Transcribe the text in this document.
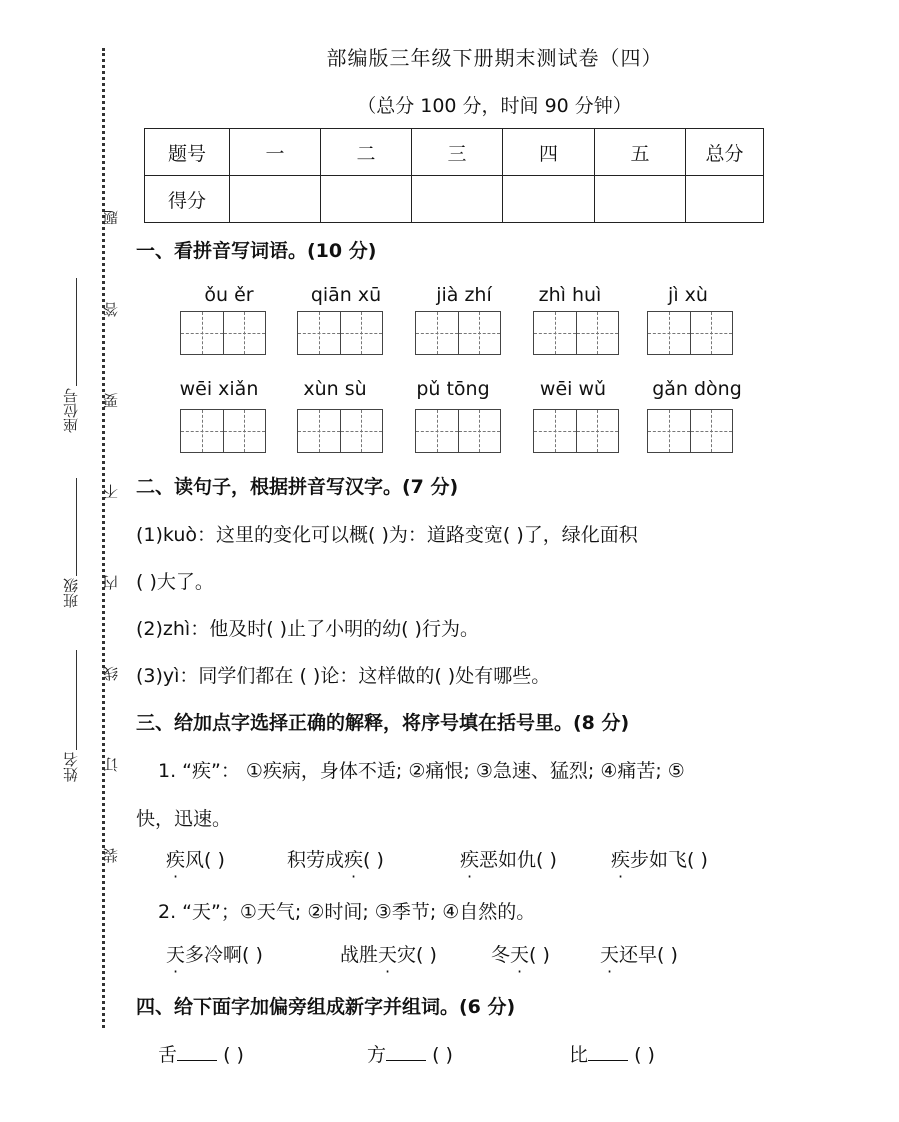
题
答
要
不
内
线
订
装
座位号
班级
姓名
部编版三年级下册期末测试卷（四）
（总分 100 分，时间 90 分钟）
题号	一	二	三	四	五	总分
得分						
一、看拼音写词语。(10 分)
ǒu ěr	qiān xū	jià zhí	zhì huì	jì xù
wēi xiǎn	xùn sù	pǔ tōng	wēi wǔ	gǎn dòng
二、读句子，根据拼音写汉字。(7 分)
(1)kuò：这里的变化可以概( )为：道路变宽( )了，绿化面积
( )大了。
(2)zhì：他及时( )止了小明的幼( )行为。
(3)yì：同学们都在 ( )论：这样做的( )处有哪些。
三、给加点字选择正确的解释，将序号填在括号里。(8 分)
1. “疾”： ①疾病，身体不适; ②痛恨; ③急速、猛烈; ④痛苦; ⑤
快，迅速。
疾风( )	积劳成疾( )	疾恶如仇( )	疾步如飞( )
2. “天”；①天气; ②时间; ③季节; ④自然的。
天多冷啊( )	战胜天灾( )	冬天( )	天还早( )
四、给下面字加偏旁组成新字并组词。(6 分)
舌 ( )	方 ( )	比 ( )
